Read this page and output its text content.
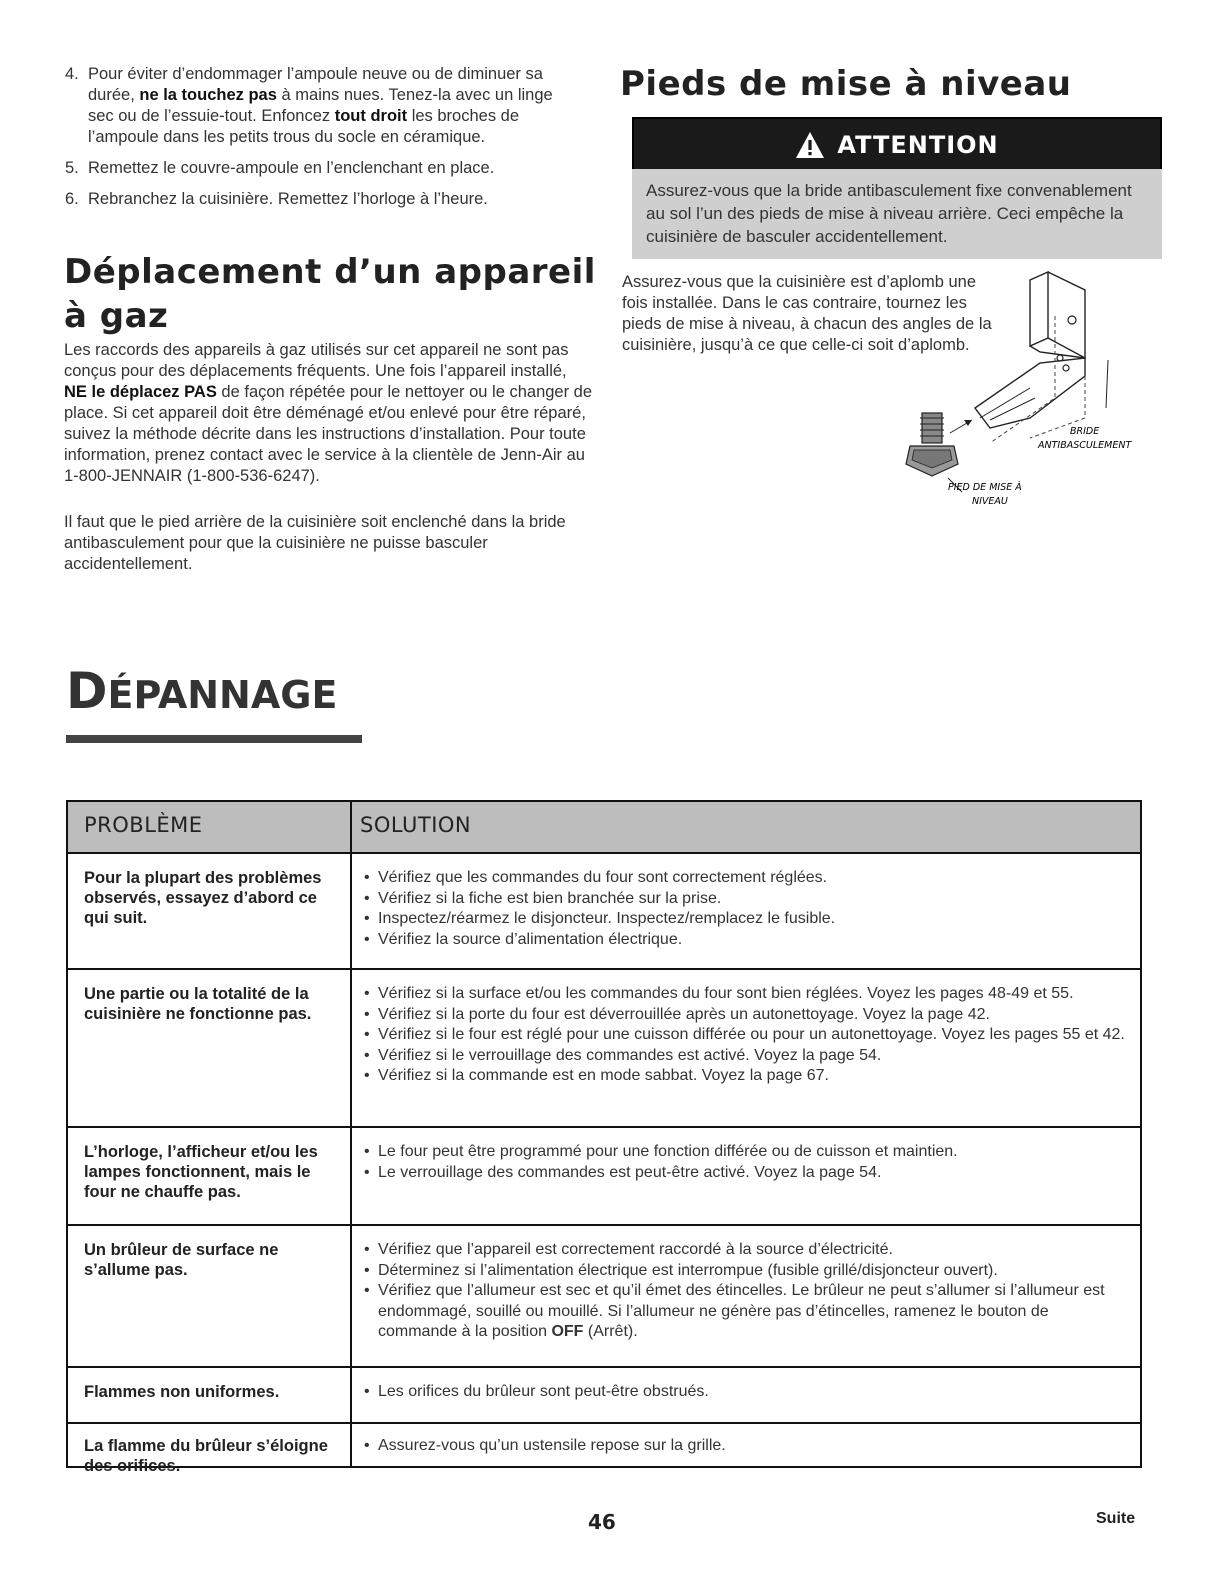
4. Pour éviter d’endommager l’ampoule neuve ou de diminuer sa durée, ne la touchez pas à mains nues. Tenez-la avec un linge sec ou de l’essuie-tout. Enfoncez tout droit les broches de l’ampoule dans les petits trous du socle en céramique.
5. Remettez le couvre-ampoule en l’enclenchant en place.
6. Rebranchez la cuisinière. Remettez l’horloge à l’heure.
Déplacement d’un appareil
à gaz

Les raccords des appareils à gaz utilisés sur cet appareil ne sont pas conçus pour des déplacements fréquents. Une fois l’appareil installé, NE le déplacez PAS de façon répétée pour le nettoyer ou le changer de place. Si cet appareil doit être déménagé et/ou enlevé pour être réparé, suivez la méthode décrite dans les instructions d’installation. Pour toute information, prenez contact avec le service à la clientèle de Jenn-Air au 1-800-JENNAIR (1-800-536-6247).

Il faut que le pied arrière de la cuisinière soit enclenché dans la bride antibasculement pour que la cuisinière ne puisse basculer accidentellement.

Pieds de mise à niveau
ATTENTION
Assurez-vous que la bride antibasculement fixe convenablement au sol l’un des pieds de mise à niveau arrière. Ceci empêche la cuisinière de basculer accidentellement.

Assurez-vous que la cuisinière est d’aplomb une fois installée. Dans le cas contraire, tournez les pieds de mise à niveau, à chacun des angles de la cuisinière, jusqu’à ce que celle-ci soit d’aplomb.

BRIDE
ANTIBASCULEMENT
PIED DE MISE À
NIVEAU
DÉPANNAGE
PROBLÈME	SOLUTION
Pour la plupart des problèmes observés, essayez d’abord ce qui suit.
• Vérifiez que les commandes du four sont correctement réglées.
• Vérifiez si la fiche est bien branchée sur la prise.
• Inspectez/réarmez le disjoncteur. Inspectez/remplacez le fusible.
• Vérifiez la source d’alimentation électrique.
Une partie ou la totalité de la cuisinière ne fonctionne pas.
• Vérifiez si la surface et/ou les commandes du four sont bien réglées. Voyez les pages 48-49 et 55.
• Vérifiez si la porte du four est déverrouillée après un autonettoyage. Voyez la page 42.
• Vérifiez si le four est réglé pour une cuisson différée ou pour un autonettoyage. Voyez les pages 55 et 42.
• Vérifiez si le verrouillage des commandes est activé. Voyez la page 54.
• Vérifiez si la commande est en mode sabbat. Voyez la page 67.
L’horloge, l’afficheur et/ou les lampes fonctionnent, mais le four ne chauffe pas.
• Le four peut être programmé pour une fonction différée ou de cuisson et maintien.
• Le verrouillage des commandes est peut-être activé. Voyez la page 54.
Un brûleur de surface ne s’allume pas.
• Vérifiez que l’appareil est correctement raccordé à la source d’électricité.
• Déterminez si l’alimentation électrique est interrompue (fusible grillé/disjoncteur ouvert).
• Vérifiez que l’allumeur est sec et qu’il émet des étincelles. Le brûleur ne peut s’allumer si l’allumeur est endommagé, souillé ou mouillé. Si l’allumeur ne génère pas d’étincelles, ramenez le bouton de commande à la position OFF (Arrêt).
Flammes non uniformes.
•	Les orifices du brûleur sont peut-être obstrués.
La flamme du brûleur s’éloigne des orifices.
• Assurez-vous qu’un ustensile repose sur la grille.
46	Suite
